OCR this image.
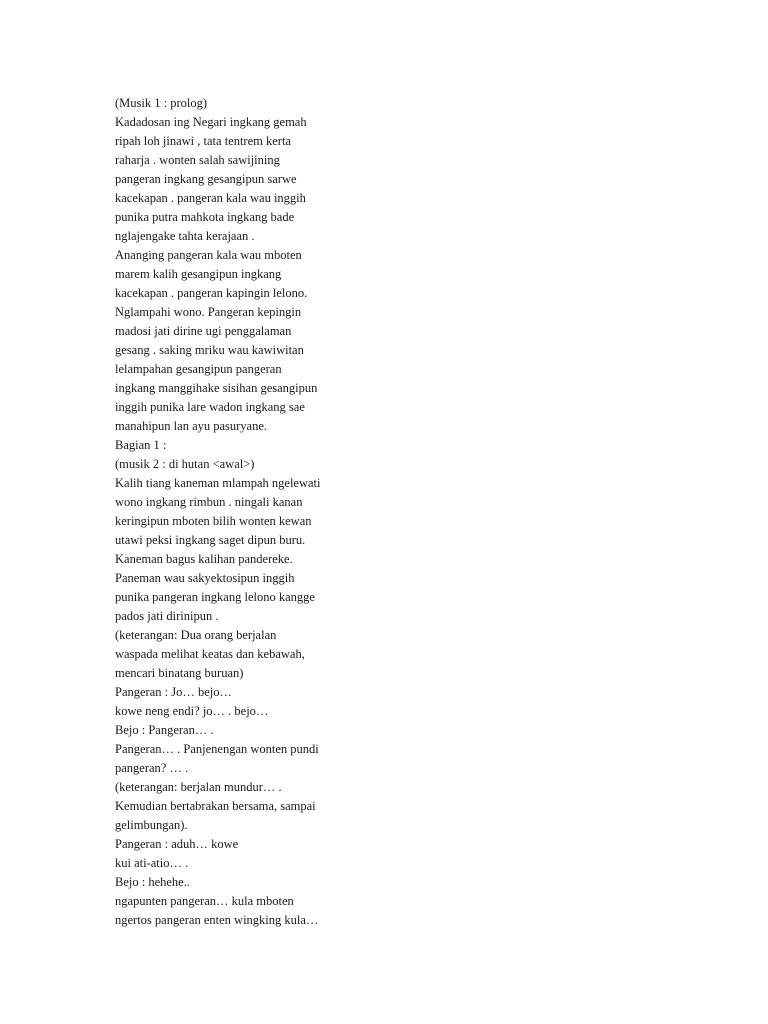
(Musik 1 : prolog)
Kadadosan ing Negari ingkang gemah
ripah loh jinawi , tata tentrem kerta
raharja . wonten salah sawijining
pangeran ingkang gesangipun sarwe
kacekapan . pangeran kala wau inggih
punika putra mahkota ingkang bade
nglajengake tahta kerajaan .
Ananging pangeran kala wau mboten
marem kalih gesangipun ingkang
kacekapan . pangeran kapingin lelono.
Nglampahi wono. Pangeran kepingin
madosi jati dirine ugi penggalaman
gesang . saking mriku wau kawiwitan
lelampahan gesangipun pangeran
ingkang manggihake sisihan gesangipun
inggih punika lare wadon ingkang sae
manahipun lan ayu pasuryane.
Bagian 1 :
(musik 2 : di hutan <awal>)
Kalih tiang kaneman mlampah ngelewati
wono ingkang rimbun . ningali kanan
keringipun mboten bilih wonten kewan
utawi peksi ingkang saget dipun buru.
Kaneman bagus kalihan pandereke.
Paneman wau sakyektosipun inggih
punika pangeran ingkang lelono kangge
pados jati dirinipun .
(keterangan: Dua orang berjalan
waspada melihat keatas dan kebawah,
mencari binatang buruan)
Pangeran : Jo… bejo…
kowe neng endi? jo… . bejo…
Bejo : Pangeran… .
Pangeran… . Panjenengan wonten pundi
pangeran? … .
(keterangan: berjalan mundur… .
Kemudian bertabrakan bersama, sampai
gelimbungan).
Pangeran : aduh… kowe
kui ati-atio… .
Bejo : hehehe..
ngapunten pangeran… kula mboten
ngertos pangeran enten wingking kula…
